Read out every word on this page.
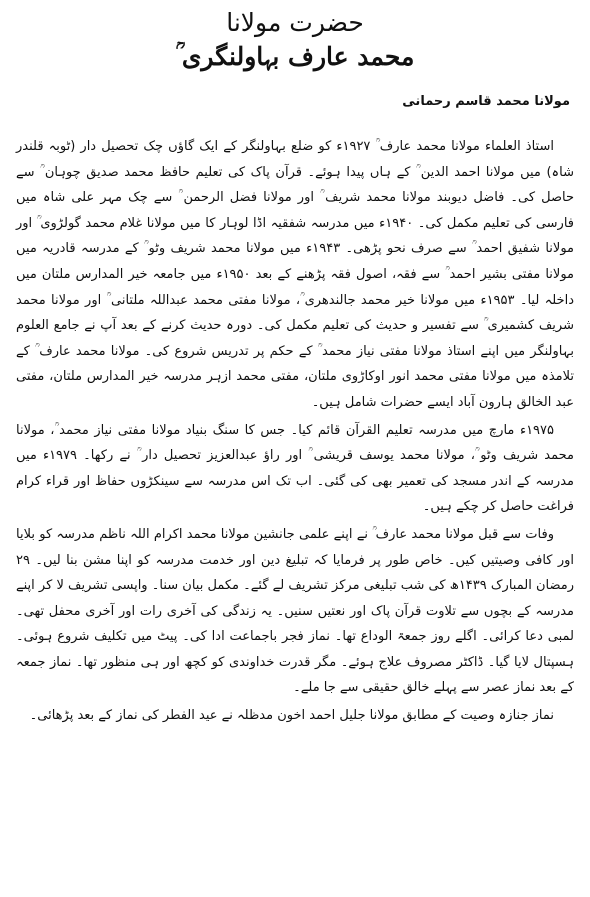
حضرت مولانا
محمد عارف بہاولنگری ؒ
مولانا محمد قاسم رحمانی

استاذ العلماء مولانا محمد عارف ؒ ۱۹۲۷ء کو ضلع بہاولنگر کے ایک گاؤں چک تحصیل دار (ٹوبہ قلندر شاہ) میں مولانا احمد الدین ؒ کے ہاں پیدا ہوئے۔ قرآن پاک کی تعلیم حافظ محمد صدیق چوہان ؒ سے حاصل کی۔ فاضل دیوبند مولانا محمد شریف ؒ اور مولانا فضل الرحمن ؒ سے چک مہر علی شاہ میں فارسی کی تعلیم مکمل کی۔ ۱۹۴۰ء میں مدرسہ شفقیہ اڈا لوہار کا میں مولانا غلام محمد گولڑوی ؒ اور مولانا شفیق احمد ؒ سے صرف نحو پڑھی۔ ۱۹۴۳ء میں مولانا محمد شریف وٹو ؒ کے مدرسہ قادریہ میں مولانا مفتی بشیر احمد ؒ سے فقہ، اصول فقہ پڑھنے کے بعد ۱۹۵۰ء میں جامعہ خیر المدارس ملتان میں داخلہ لیا۔ ۱۹۵۳ء میں مولانا خیر محمد جالندھری ؒ، مولانا مفتی محمد عبداللہ ملتانی ؒ اور مولانا محمد شریف کشمیری ؒ سے تفسیر و حدیث کی تعلیم مکمل کی۔ دورہ حدیث کرنے کے بعد آپ نے جامع العلوم بہاولنگر میں اپنے استاذ مولانا مفتی نیاز محمد ؒ کے حکم پر تدریس شروع کی۔ مولانا محمد عارف ؒ کے تلامذہ میں مولانا مفتی محمد انور اوکاڑوی ملتان، مفتی محمد ازہر مدرسہ خیر المدارس ملتان، مفتی عبد الخالق ہارون آباد ایسے حضرات شامل ہیں۔

۱۹۷۵ء مارچ میں مدرسہ تعلیم القرآن قائم کیا۔ جس کا سنگ بنیاد مولانا مفتی نیاز محمد ؒ، مولانا محمد شریف وٹو ؒ، مولانا محمد یوسف قریشی ؒ اور راؤ عبدالعزیز تحصیل دار ؒ نے رکھا۔ ۱۹۷۹ء میں مدرسہ کے اندر مسجد کی تعمیر بھی کی گئی۔ اب تک اس مدرسہ سے سینکڑوں حفاظ اور قراء کرام فراغت حاصل کر چکے ہیں۔

وفات سے قبل مولانا محمد عارف ؒ نے اپنے علمی جانشین مولانا محمد اکرام اللہ ناظم مدرسہ کو بلایا اور کافی وصیتیں کیں۔ خاص طور پر فرمایا کہ تبلیغ دین اور خدمت مدرسہ کو اپنا مشن بنا لیں۔ ۲۹ رمضان المبارک ۱۴۳۹ھ کی شب تبلیغی مرکز تشریف لے گئے۔ مکمل بیان سنا۔ واپسی تشریف لا کر اپنے مدرسہ کے بچوں سے تلاوت قرآن پاک اور نعتیں سنیں۔ یہ زندگی کی آخری رات اور آخری محفل تھی۔ لمبی دعا کرائی۔ اگلے روز جمعۃ الوداع تھا۔ نماز فجر باجماعت ادا کی۔ پیٹ میں تکلیف شروع ہوئی۔ ہسپتال لایا گیا۔ ڈاکٹر مصروف علاج ہوئے۔ مگر قدرت خداوندی کو کچھ اور ہی منظور تھا۔ نماز جمعہ کے بعد نماز عصر سے پہلے خالق حقیقی سے جا ملے۔

نماز جنازہ وصیت کے مطابق مولانا جلیل احمد اخون مدظلہ نے عید الفطر کی نماز کے بعد پڑھائی۔
